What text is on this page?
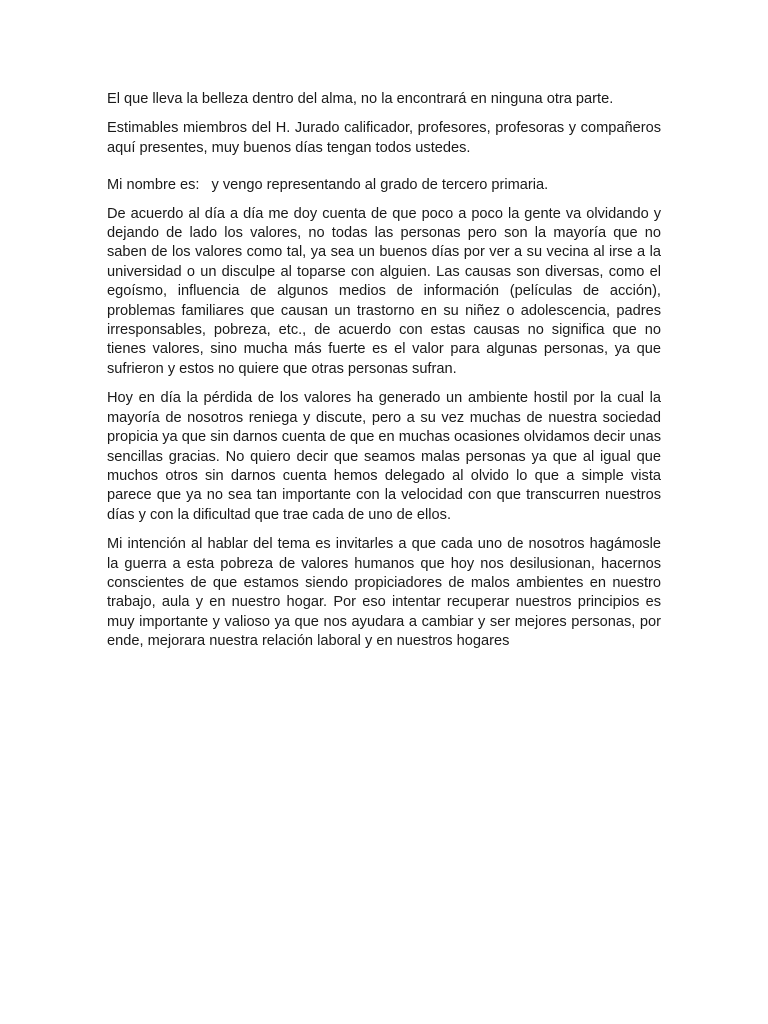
El que lleva la belleza dentro del alma, no la encontrará en ninguna otra parte.

Estimables miembros del H. Jurado calificador, profesores, profesoras y compañeros aquí presentes, muy buenos días tengan todos ustedes.

Mi nombre es: y vengo representando al grado de tercero primaria.

De acuerdo al día a día me doy cuenta de que poco a poco la gente va olvidando y dejando de lado los valores, no todas las personas pero son la mayoría que no saben de los valores como tal, ya sea un buenos días por ver a su vecina al irse a la universidad o un disculpe al toparse con alguien. Las causas son diversas, como el egoísmo, influencia de algunos medios de información (películas de acción), problemas familiares que causan un trastorno en su niñez o adolescencia, padres irresponsables, pobreza, etc., de acuerdo con estas causas no significa que no tienes valores, sino mucha más fuerte es el valor para algunas personas, ya que sufrieron y estos no quiere que otras personas sufran.

Hoy en día la pérdida de los valores ha generado un ambiente hostil por la cual la mayoría de nosotros reniega y discute, pero a su vez muchas de nuestra sociedad propicia ya que sin darnos cuenta de que en muchas ocasiones olvidamos decir unas sencillas gracias. No quiero decir que seamos malas personas ya que al igual que muchos otros sin darnos cuenta hemos delegado al olvido lo que a simple vista parece que ya no sea tan importante con la velocidad con que transcurren nuestros días y con la dificultad que trae cada de uno de ellos.

Mi intención al hablar del tema es invitarles a que cada uno de nosotros hagámosle la guerra a esta pobreza de valores humanos que hoy nos desilusionan, hacernos conscientes de que estamos siendo propiciadores de malos ambientes en nuestro trabajo, aula y en nuestro hogar. Por eso intentar recuperar nuestros principios es muy importante y valioso ya que nos ayudara a cambiar y ser mejores personas, por ende, mejorara nuestra relación laboral y en nuestros hogares
